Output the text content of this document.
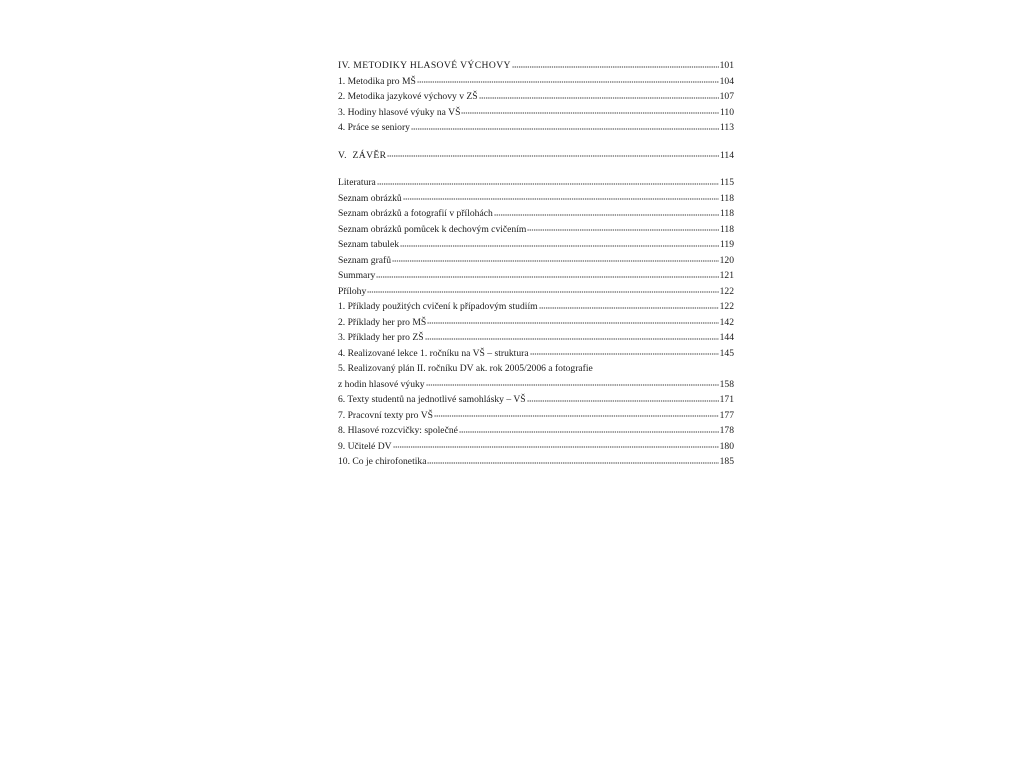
IV. METODIKY HLASOVÉ VÝCHOVY	101
1. Metodika pro MŠ	104
2. Metodika jazykové výchovy v ZŠ	107
3. Hodiny hlasové výuky na VŠ	110
4. Práce se seniory	113
V.  ZÁVĚR	114
Literatura	115
Seznam obrázků	118
Seznam obrázků a fotografií v přílohách	118
Seznam obrázků pomůcek k dechovým cvičením	118
Seznam tabulek	119
Seznam grafů	120
Summary	121
Přílohy	122
1. Příklady použitých cvičení k případovým studiím	122
2. Příklady her pro MŠ	142
3. Příklady her pro ZŠ	144
4. Realizované lekce 1. ročníku na VŠ – struktura	145
5. Realizovaný plán II. ročníku DV ak. rok 2005/2006 a fotografie
z hodin hlasové výuky	158
6. Texty studentů na jednotlivé samohlásky – VŠ	171
7. Pracovní texty pro VŠ	177
8. Hlasové rozcvičky: společné	178
9. Učitelé DV	180
10. Co je chirofonetika	185
